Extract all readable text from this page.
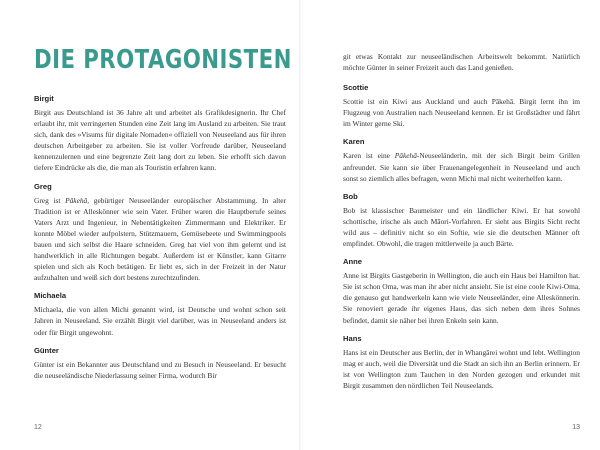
DIE PROTAGONISTEN
Birgit

Birgit aus Deutschland ist 36 Jahre alt und arbeitet als Grafikdesignerin. Ihr Chef erlaubt ihr, mit verringerten Stunden eine Zeit lang im Ausland zu arbeiten. Sie traut sich, dank des »Visums für digitale Nomaden« offiziell von Neuseeland aus für ihren deutschen Arbeitgeber zu arbeiten. Sie ist voller Vorfreude darüber, Neuseeland kennenzulernen und eine begrenzte Zeit lang dort zu leben. Sie erhofft sich davon tiefere Eindrücke als die, die man als Touristin erfahren kann.

Greg

Greg ist Pākehā, gebürtiger Neuseeländer europäischer Abstammung. In alter Tradition ist er Alleskönner wie sein Vater. Früher waren die Hauptberufe seines Vaters Arzt und Ingenieur, in Nebentätigkeiten Zimmermann und Elektriker. Er konnte Möbel wieder aufpolstern, Stützmauern, Gemüsebeete und Swimmingpools bauen und sich selbst die Haare schneiden. Greg hat viel von ihm gelernt und ist handwerklich in alle Richtungen begabt. Außerdem ist er Künstler, kann Gitarre spielen und sich als Koch betätigen. Er liebt es, sich in der Freizeit in der Natur aufzuhalten und weiß sich dort bestens zurechtzufinden.

Michaela

Michaela, die von allen Michi genannt wird, ist Deutsche und wohnt schon seit Jahren in Neuseeland. Sie erzählt Birgit viel darüber, was in Neuseeland anders ist oder für Birgit ungewohnt.

Günter

Günter ist ein Bekannter aus Deutschland und zu Besuch in Neuseeland. Er besucht die neuseeländische Niederlassung seiner Firma, wodurch Bir

12

git etwas Kontakt zur neuseeländischen Arbeitswelt bekommt. Natürlich möchte Günter in seiner Freizeit auch das Land genießen.

Scottie

Scottie ist ein Kiwi aus Auckland und auch Pākehā. Birgit lernt ihn im Flugzeug von Australien nach Neuseeland kennen. Er ist Großstädter und fährt im Winter gerne Ski.

Karen

Karen ist eine Pākehā-Neuseeländerin, mit der sich Birgit beim Grillen anfreundet. Sie kann sie über Frauenangelegenheit in Neuseeland und auch sonst so ziemlich alles befragen, wenn Michi mal nicht weiterhelfen kann.

Bob

Bob ist klassischer Baumeister und ein ländlicher Kiwi. Er hat sowohl schottische, irische als auch Māori-Vorfahren. Er sieht aus Birgits Sicht recht wild aus – definitiv nicht so ein Softie, wie sie die deutschen Männer oft empfindet. Obwohl, die tragen mittlerweile ja auch Bärte.

Anne

Anne ist Birgits Gastgeberin in Wellington, die auch ein Haus bei Hamilton hat. Sie ist schon Oma, was man ihr aber nicht ansieht. Sie ist eine coole Kiwi-Oma, die genauso gut handwerkeln kann wie viele Neuseeländer, eine Alleskönnerin. Sie renoviert gerade ihr eigenes Haus, das sich neben dem ihres Sohnes befindet, damit sie näher bei ihren Enkeln sein kann.

Hans

Hans ist ein Deutscher aus Berlin, der in Whangārei wohnt und lebt. Wellington mag er auch, weil die Diversität und die Stadt an sich ihn an Berlin erinnern. Er ist von Wellington zum Tauchen in den Norden gezogen und erkundet mit Birgit zusammen den nördlichen Teil Neuseelands.

13
